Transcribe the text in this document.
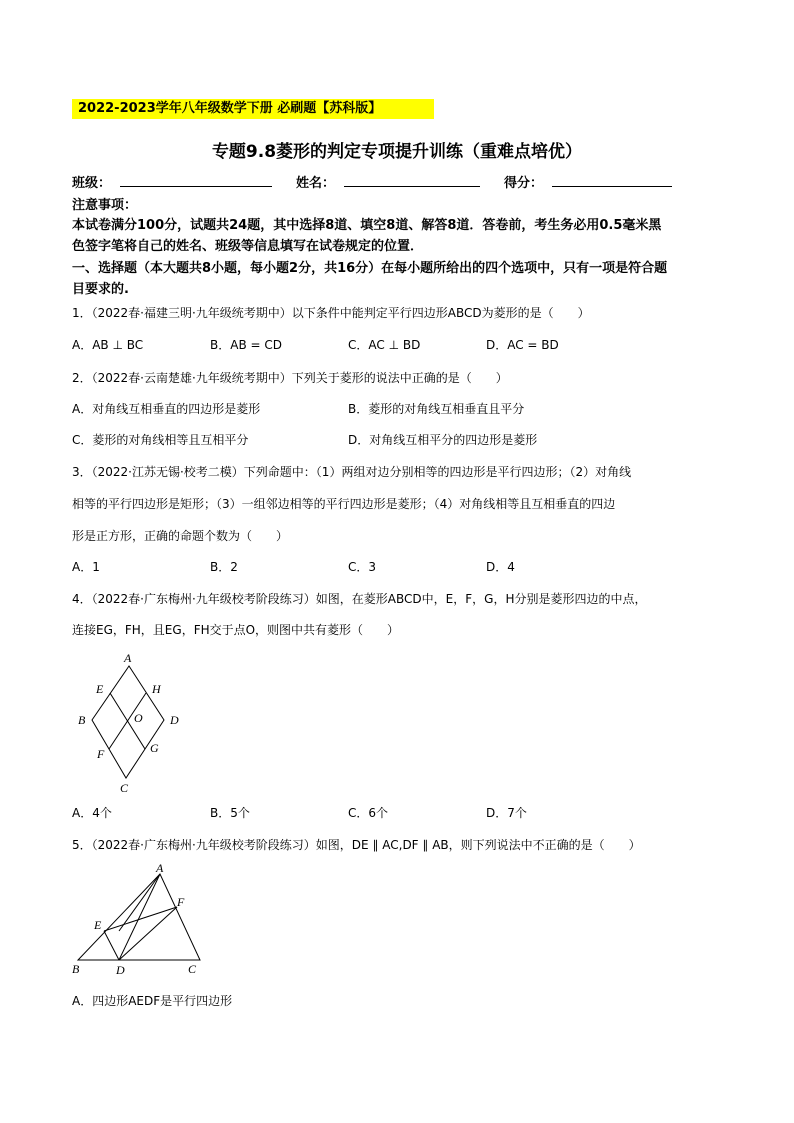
2022-2023学年八年级数学下册 必刷题【苏科版】
专题9.8菱形的判定专项提升训练（重难点培优）
班级：	姓名：	得分：
注意事项：
本试卷满分100分，试题共24题，其中选择8道、填空8道、解答8道．答卷前，考生务必用0.5毫米黑
色签字笔将自己的姓名、班级等信息填写在试卷规定的位置．
一、选择题（本大题共8小题，每小题2分，共16分）在每小题所给出的四个选项中，只有一项是符合题
目要求的.
1．（2022春·福建三明·九年级统考期中）以下条件中能判定平行四边形ABCD为菱形的是（　　）
A．AB ⊥ BC	B．AB = CD	C．AC ⊥ BD	D．AC = BD
2．（2022春·云南楚雄·九年级统考期中）下列关于菱形的说法中正确的是（　　）
A．对角线互相垂直的四边形是菱形	B．菱形的对角线互相垂直且平分
C．菱形的对角线相等且互相平分	D．对角线互相平分的四边形是菱形
3．（2022·江苏无锡·校考二模）下列命题中：（1）两组对边分别相等的四边形是平行四边形；（2）对角线
相等的平行四边形是矩形；（3）一组邻边相等的平行四边形是菱形；（4）对角线相等且互相垂直的四边
形是正方形，正确的命题个数为（　　）
A．1	B．2	C．3	D．4
4．（2022春·广东梅州·九年级校考阶段练习）如图，在菱形ABCD中，E，F，G，H分别是菱形四边的中点，
连接EG，FH，且EG，FH交于点O，则图中共有菱形（　　）
A
B
C
D
E
F	G
H
O
A．4个	B．5个	C．6个	D．7个
5．（2022春·广东梅州·九年级校考阶段练习）如图，DE ∥ AC,DF ∥ AB，则下列说法中不正确的是（　　）
A
B	C
D
E
F
A．四边形AEDF是平行四边形
